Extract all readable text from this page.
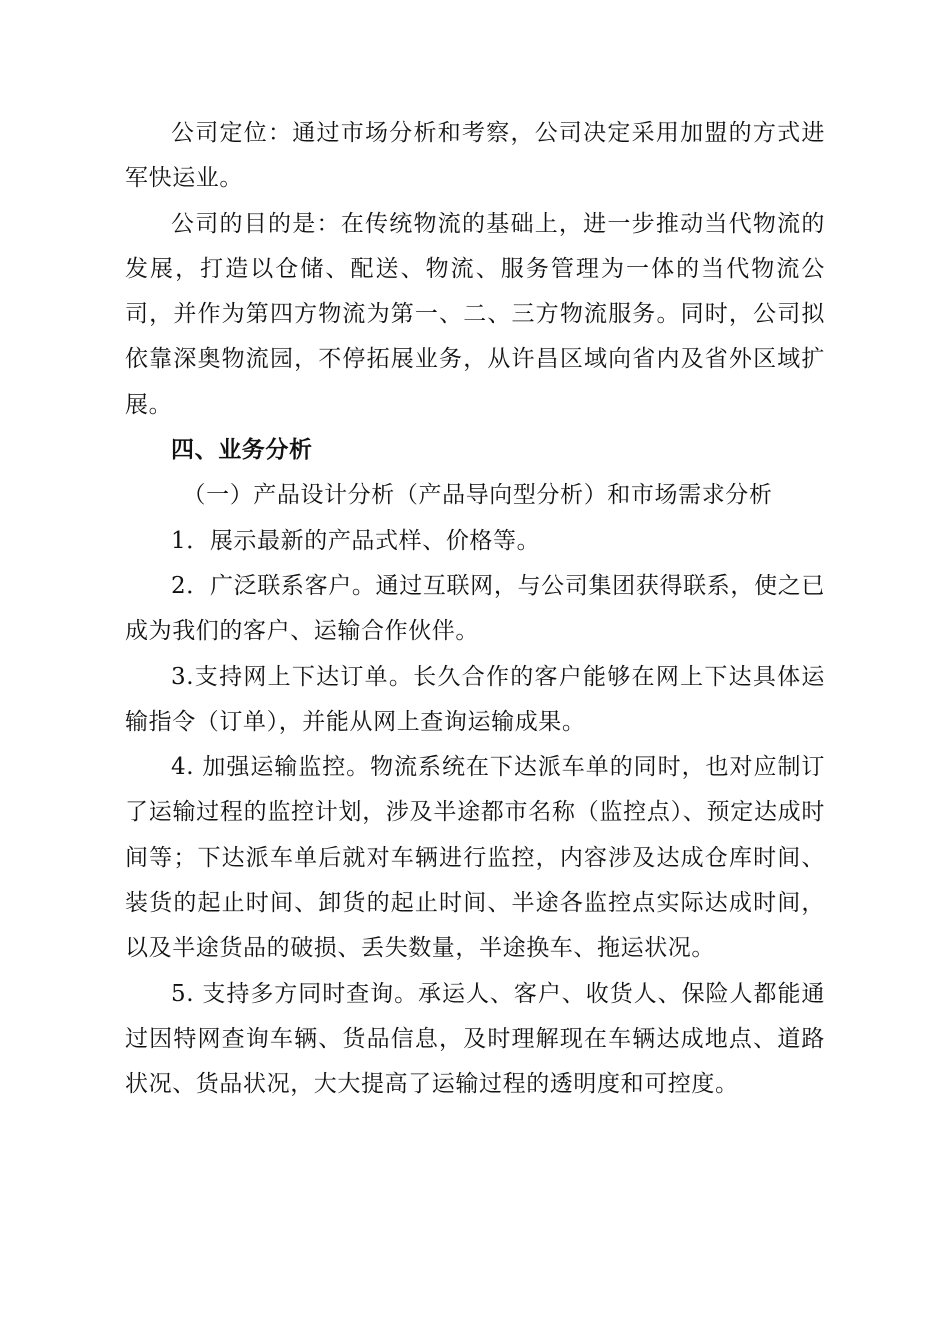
公司定位：通过市场分析和考察，公司决定采用加盟的方式进军快运业。

公司的目的是：在传统物流的基础上，进一步推动当代物流的发展，打造以仓储、配送、物流、服务管理为一体的当代物流公司，并作为第四方物流为第一、二、三方物流服务。同时，公司拟依靠深奥物流园，不停拓展业务，从许昌区域向省内及省外区域扩展。

四、业务分析

（一）产品设计分析（产品导向型分析）和市场需求分析

1．展示最新的产品式样、价格等。

2．广泛联系客户。通过互联网，与公司集团获得联系，使之已成为我们的客户、运输合作伙伴。

3.支持网上下达订单。长久合作的客户能够在网上下达具体运输指令（订单），并能从网上查询运输成果。

4. 加强运输监控。物流系统在下达派车单的同时，也对应制订了运输过程的监控计划，涉及半途都市名称（监控点）、预定达成时间等；下达派车单后就对车辆进行监控，内容涉及达成仓库时间、装货的起止时间、卸货的起止时间、半途各监控点实际达成时间，以及半途货品的破损、丢失数量，半途换车、拖运状况。

5. 支持多方同时查询。承运人、客户、收货人、保险人都能通过因特网查询车辆、货品信息，及时理解现在车辆达成地点、道路状况、货品状况，大大提高了运输过程的透明度和可控度。
